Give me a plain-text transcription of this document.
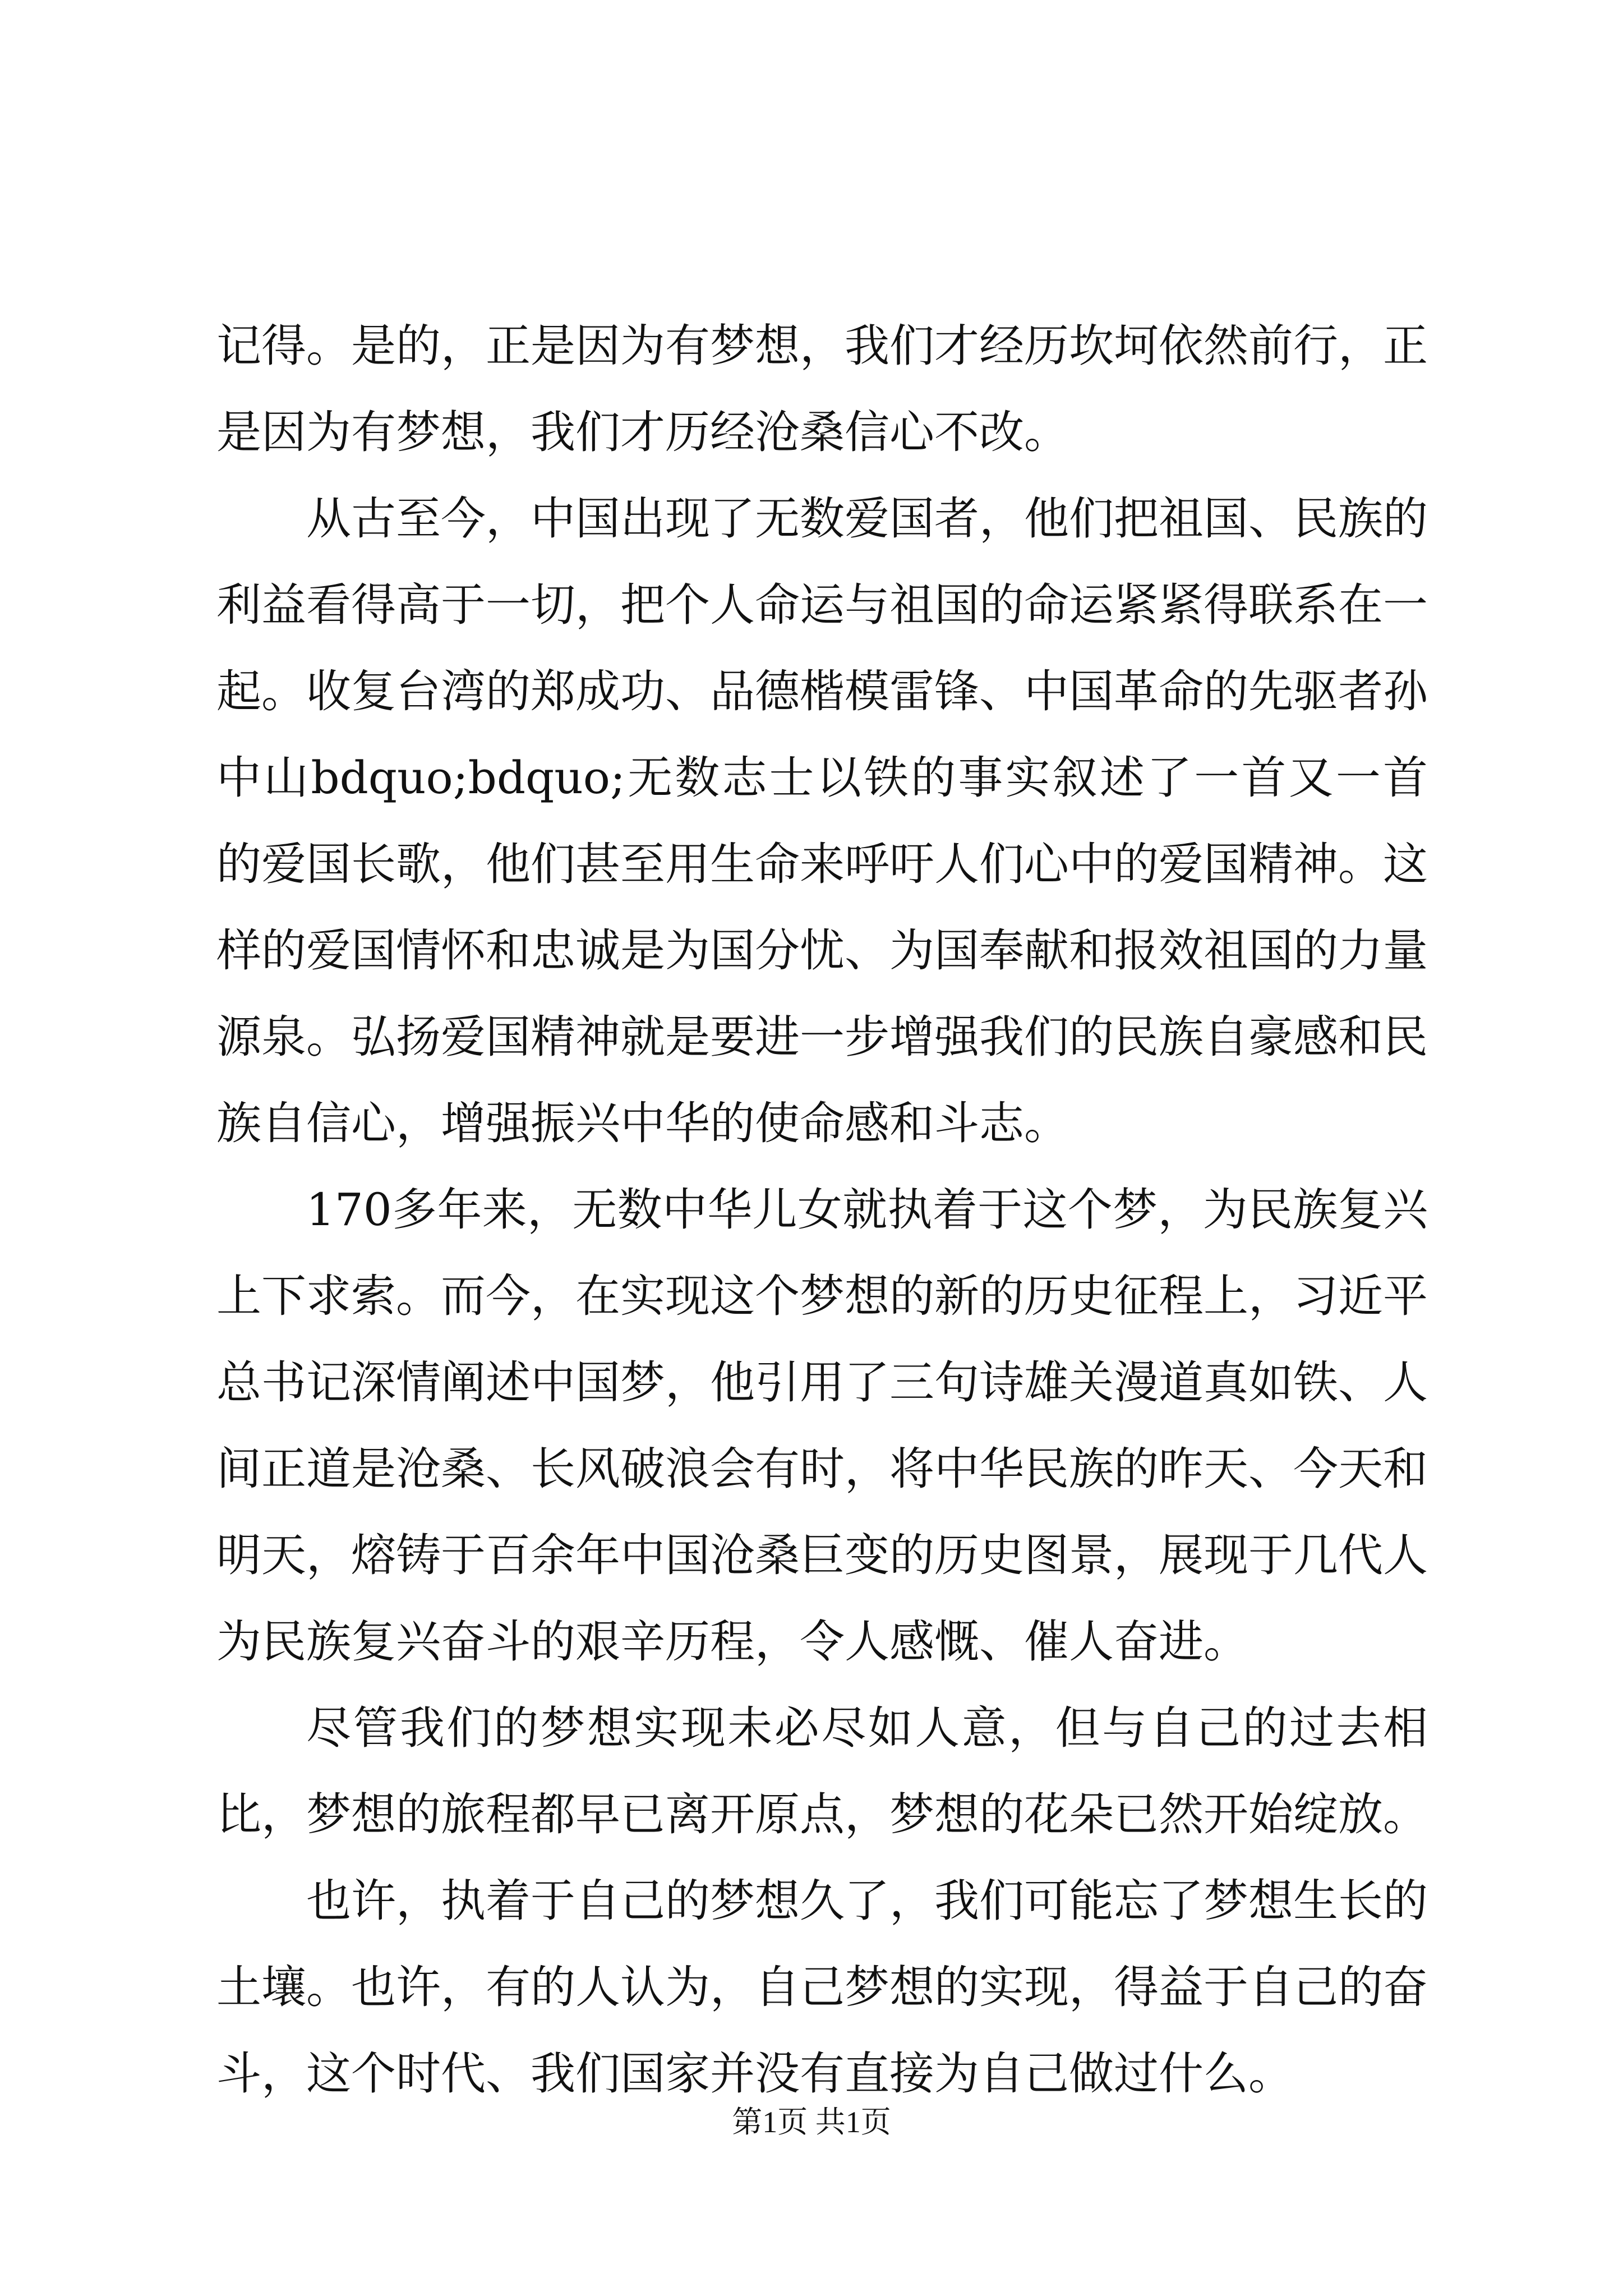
记得。是的，正是因为有梦想，我们才经历坎坷依然前行，正是因为有梦想，我们才历经沧桑信心不改。

从古至今，中国出现了无数爱国者，他们把祖国、民族的利益看得高于一切，把个人命运与祖国的命运紧紧得联系在一起。收复台湾的郑成功、品德楷模雷锋、中国革命的先驱者孙中山bdquo;bdquo;无数志士以铁的事实叙述了一首又一首的爱国长歌，他们甚至用生命来呼吁人们心中的爱国精神。这样的爱国情怀和忠诚是为国分忧、为国奉献和报效祖国的力量源泉。弘扬爱国精神就是要进一步增强我们的民族自豪感和民族自信心，增强振兴中华的使命感和斗志。

170多年来，无数中华儿女就执着于这个梦，为民族复兴上下求索。而今，在实现这个梦想的新的历史征程上，习近平总书记深情阐述中国梦，他引用了三句诗雄关漫道真如铁、人间正道是沧桑、长风破浪会有时，将中华民族的昨天、今天和明天，熔铸于百余年中国沧桑巨变的历史图景，展现于几代人为民族复兴奋斗的艰辛历程，令人感慨、催人奋进。

尽管我们的梦想实现未必尽如人意，但与自己的过去相比，梦想的旅程都早已离开原点，梦想的花朵已然开始绽放。

也许，执着于自己的梦想久了，我们可能忘了梦想生长的土壤。也许，有的人认为，自己梦想的实现，得益于自己的奋斗，这个时代、我们国家并没有直接为自己做过什么。

第1页 共1页
